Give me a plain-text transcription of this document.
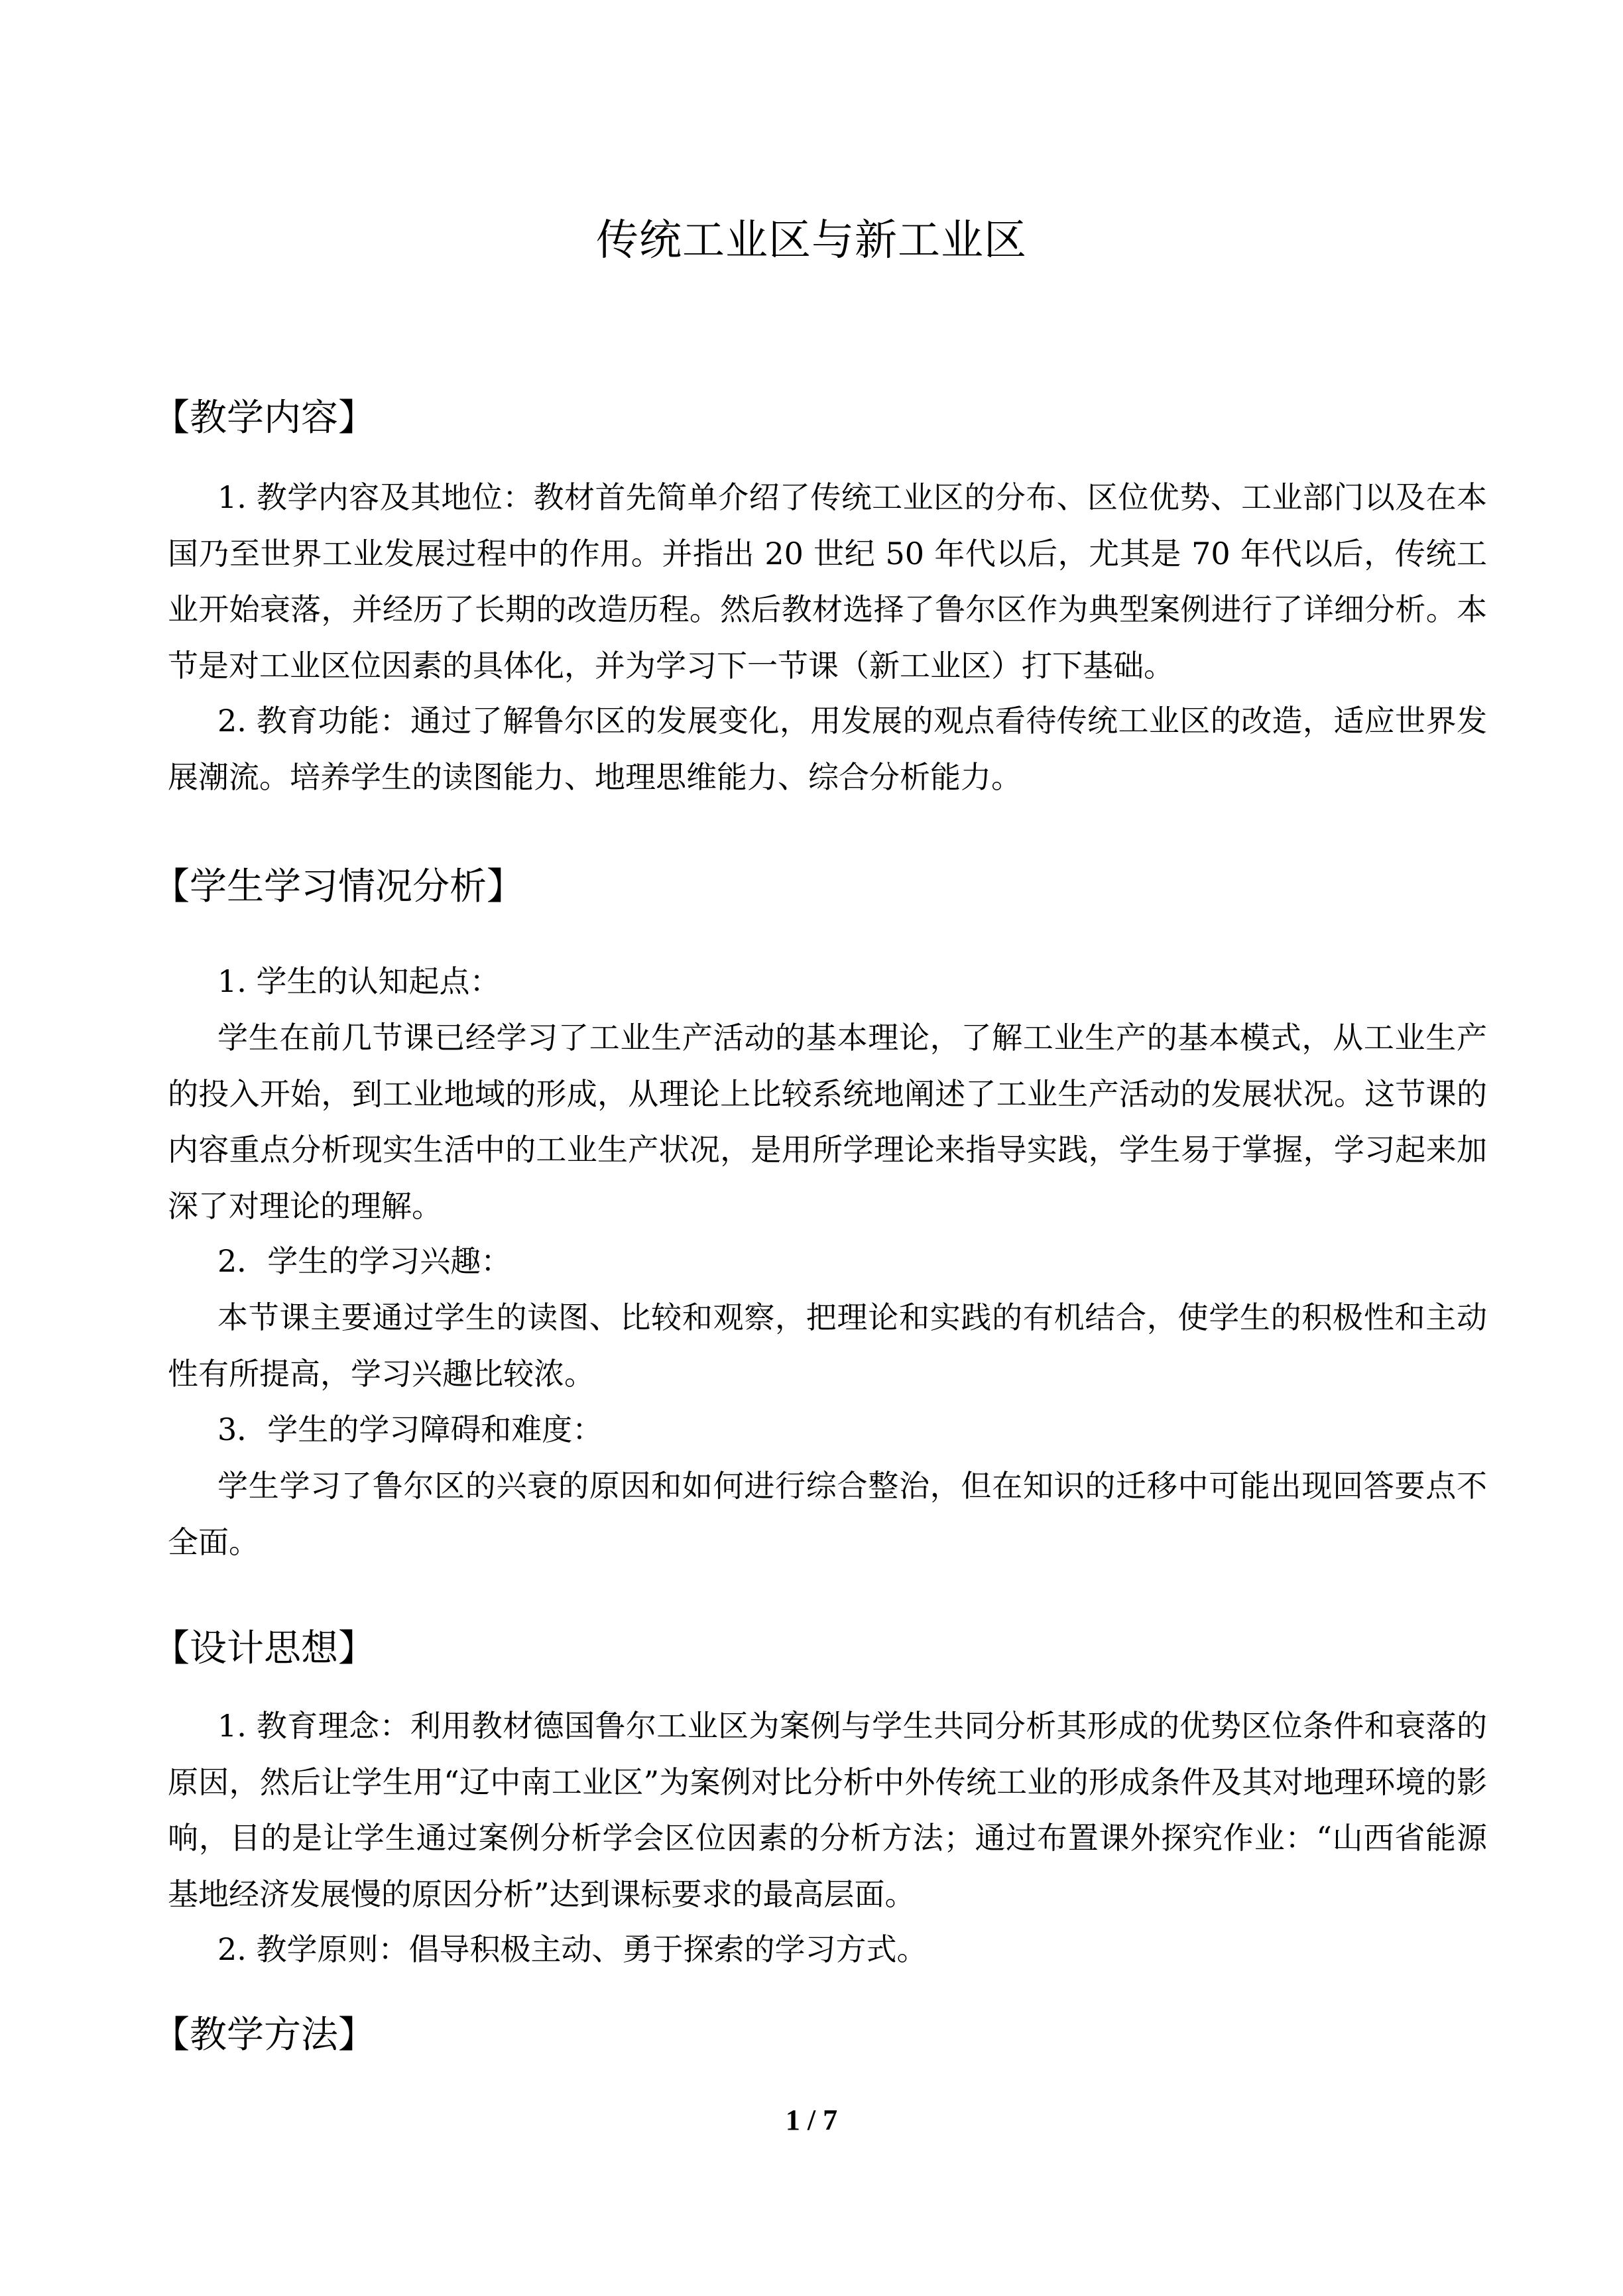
传统工业区与新工业区
【教学内容】

1. 教学内容及其地位：教材首先简单介绍了传统工业区的分布、区位优势、工业部门以及在本国乃至世界工业发展过程中的作用。并指出 20 世纪 50 年代以后，尤其是 70 年代以后，传统工业开始衰落，并经历了长期的改造历程。然后教材选择了鲁尔区作为典型案例进行了详细分析。本节是对工业区位因素的具体化，并为学习下一节课（新工业区）打下基础。

2. 教育功能：通过了解鲁尔区的发展变化，用发展的观点看待传统工业区的改造，适应世界发展潮流。培养学生的读图能力、地理思维能力、综合分析能力。

【学生学习情况分析】

1. 学生的认知起点：

学生在前几节课已经学习了工业生产活动的基本理论，了解工业生产的基本模式，从工业生产的投入开始，到工业地域的形成，从理论上比较系统地阐述了工业生产活动的发展状况。这节课的内容重点分析现实生活中的工业生产状况，是用所学理论来指导实践，学生易于掌握，学习起来加深了对理论的理解。

2．学生的学习兴趣：

本节课主要通过学生的读图、比较和观察，把理论和实践的有机结合，使学生的积极性和主动性有所提高，学习兴趣比较浓。

3．学生的学习障碍和难度：

学生学习了鲁尔区的兴衰的原因和如何进行综合整治，但在知识的迁移中可能出现回答要点不全面。

【设计思想】

1. 教育理念：利用教材德国鲁尔工业区为案例与学生共同分析其形成的优势区位条件和衰落的原因，然后让学生用“辽中南工业区”为案例对比分析中外传统工业的形成条件及其对地理环境的影响，目的是让学生通过案例分析学会区位因素的分析方法；通过布置课外探究作业：“山西省能源基地经济发展慢的原因分析”达到课标要求的最高层面。

2. 教学原则：倡导积极主动、勇于探索的学习方式。

【教学方法】
1 / 7
